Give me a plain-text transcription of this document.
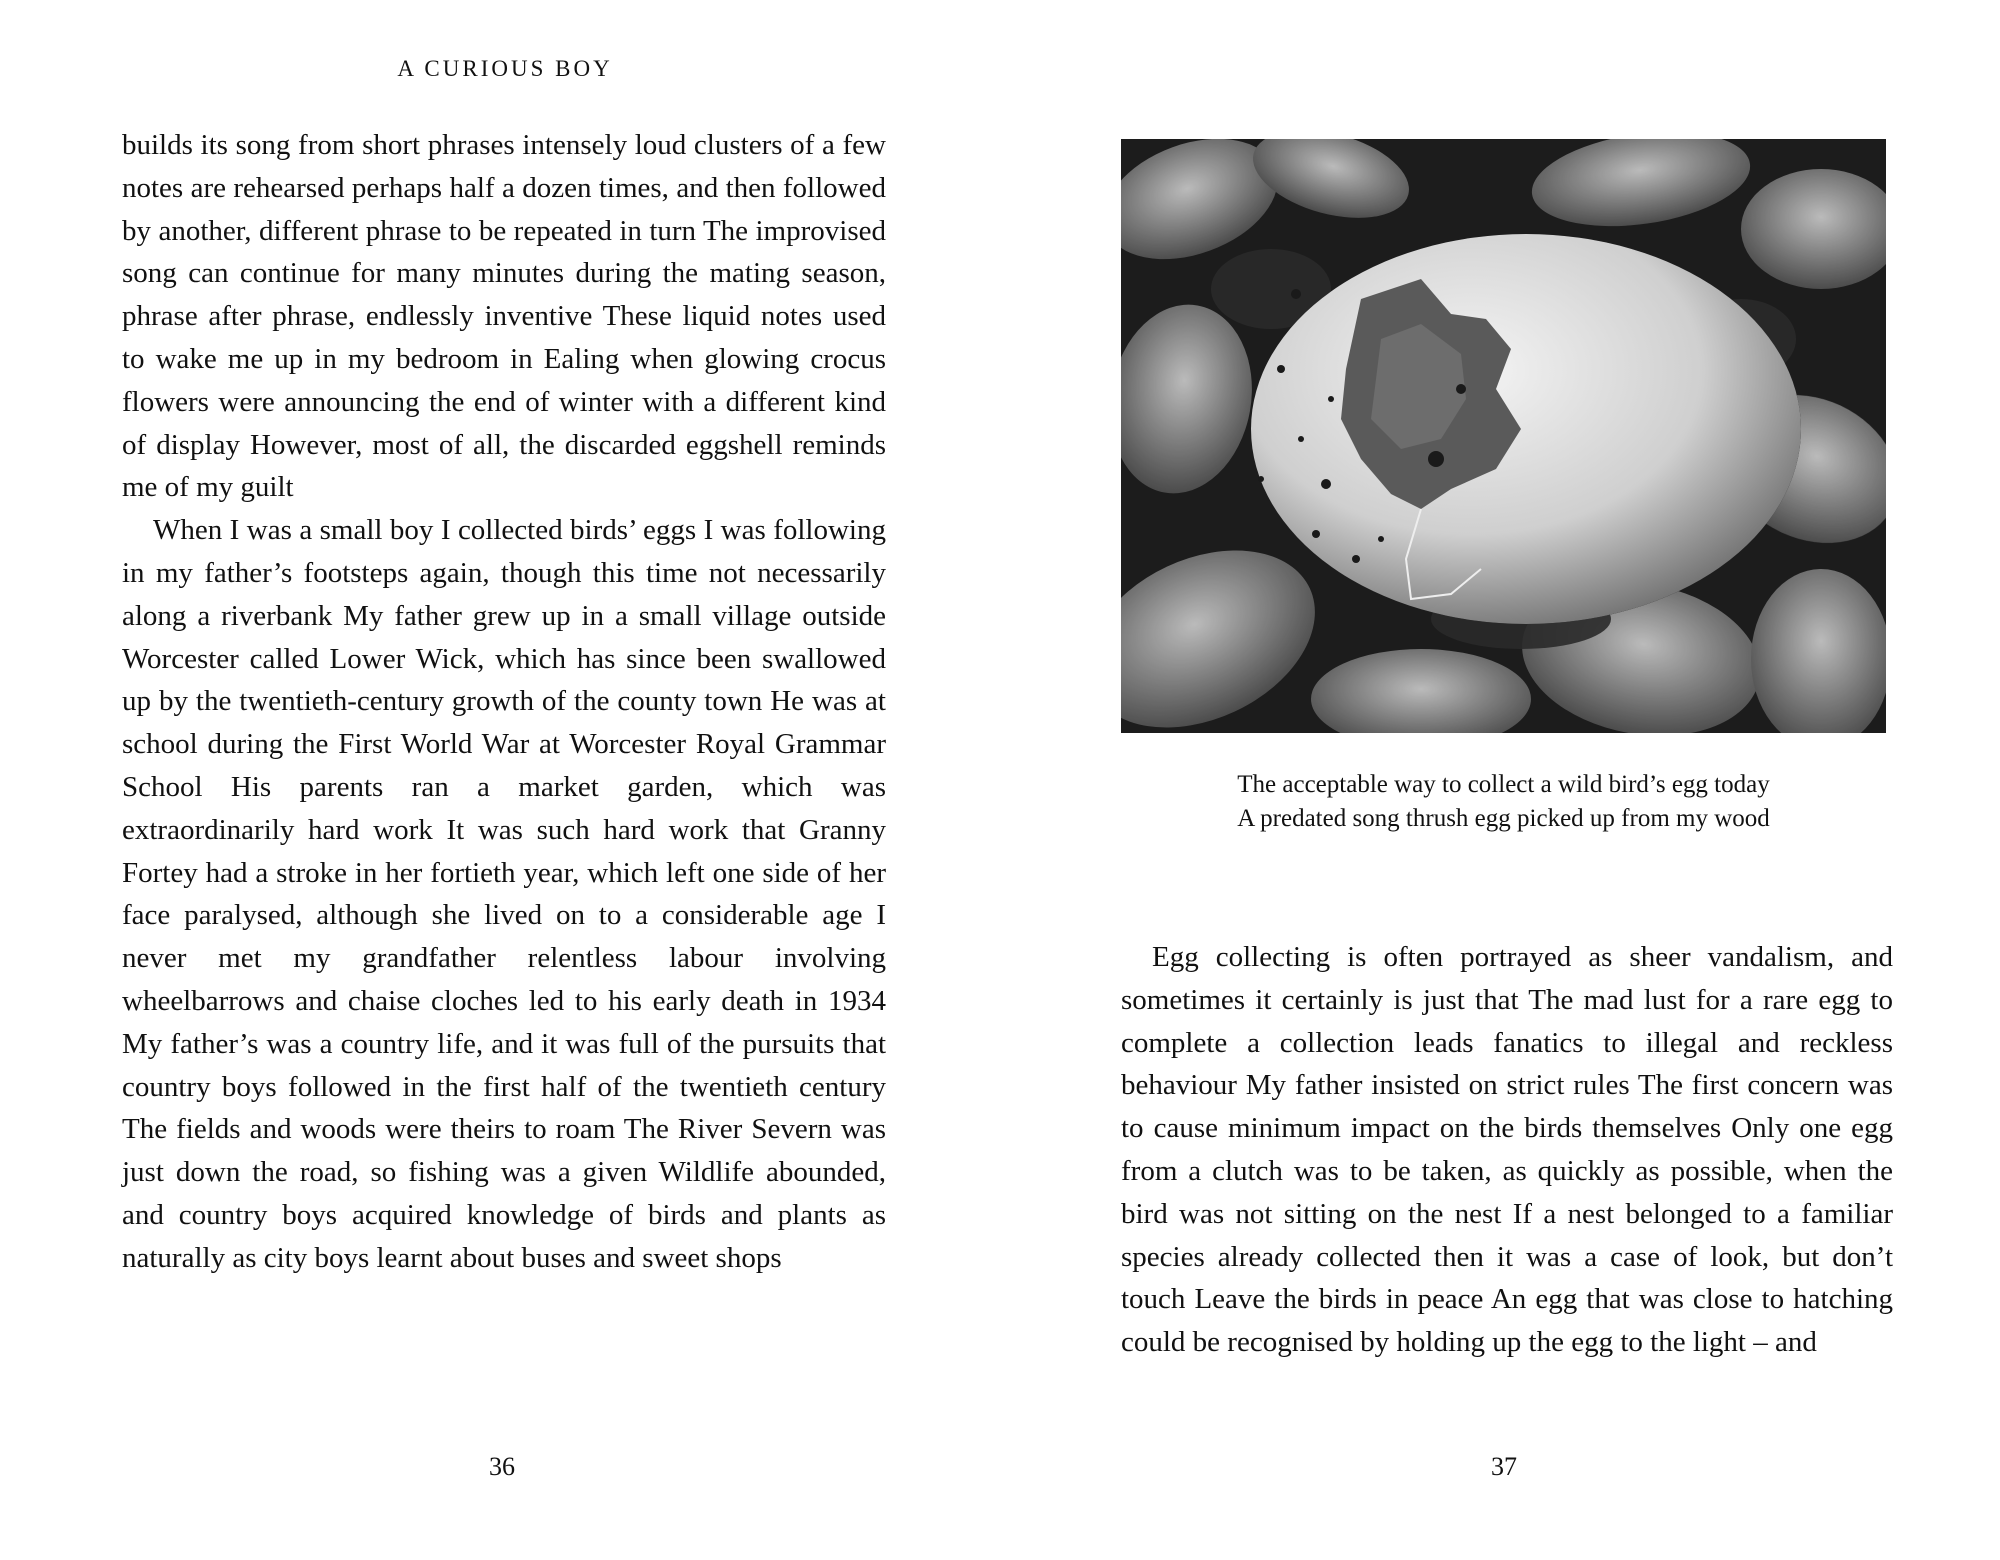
A CURIOUS BOY

builds its song from short phrases intensely loud clusters of a few notes are rehearsed perhaps half a dozen times, and then followed by another, different phrase to be repeated in turn The improvised song can continue for many minutes during the mating season, phrase after phrase, endlessly inventive These liquid notes used to wake me up in my bedroom in Ealing when glowing crocus flowers were announcing the end of winter with a different kind of display However, most of all, the discarded eggshell reminds me of my guilt

When I was a small boy I collected birds’ eggs I was following in my father’s footsteps again, though this time not necessarily along a riverbank My father grew up in a small village outside Worcester called Lower Wick, which has since been swallowed up by the twentieth-century growth of the county town He was at school during the First World War at Worcester Royal Grammar School His parents ran a market garden, which was extraordinarily hard work It was such hard work that Granny Fortey had a stroke in her fortieth year, which left one side of her face paralysed, although she lived on to a considerable age I never met my grandfather relentless labour involving wheelbarrows and chaise cloches led to his early death in 1934 My father’s was a country life, and it was full of the pursuits that country boys followed in the first half of the twentieth century The fields and woods were theirs to roam The River Severn was just down the road, so fishing was a given Wildlife abounded, and country boys acquired knowledge of birds and plants as naturally as city boys learnt about buses and sweet shops

36
The acceptable way to collect a wild bird’s egg today
A predated song thrush egg picked up from my wood

Egg collecting is often portrayed as sheer vandalism, and sometimes it certainly is just that The mad lust for a rare egg to complete a collection leads fanatics to illegal and reckless behaviour My father insisted on strict rules The first concern was to cause minimum impact on the birds themselves Only one egg from a clutch was to be taken, as quickly as possible, when the bird was not sitting on the nest If a nest belonged to a familiar species already collected then it was a case of look, but don’t touch Leave the birds in peace An egg that was close to hatching could be recognised by holding up the egg to the light – and

37
